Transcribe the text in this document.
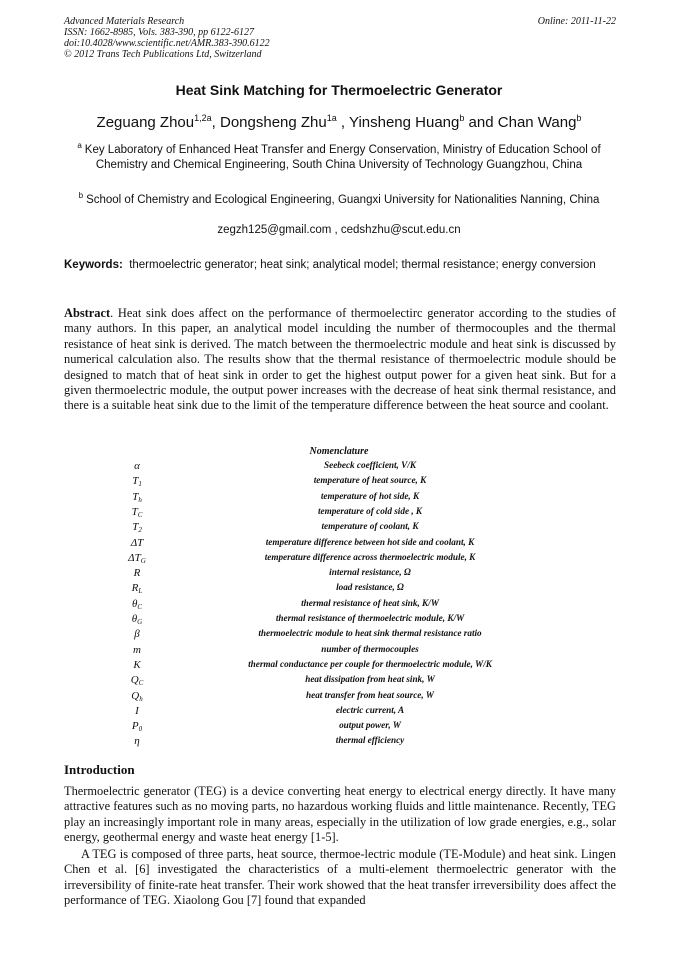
Advanced Materials Research
ISSN: 1662-8985, Vols. 383-390, pp 6122-6127
doi:10.4028/www.scientific.net/AMR.383-390.6122
© 2012 Trans Tech Publications Ltd, Switzerland
Online: 2011-11-22
Heat Sink Matching for Thermoelectric Generator
Zeguang Zhou$^{1,2a}$, Dongsheng Zhu$^{1a}$ , Yinsheng Huang$^b$ and Chan Wang$^b$
$^a$ Key Laboratory of Enhanced Heat Transfer and Energy Conservation, Ministry of Education School of Chemistry and Chemical Engineering, South China University of Technology Guangzhou, China
$^b$ School of Chemistry and Ecological Engineering, Guangxi University for Nationalities Nanning, China
zegzh125@gmail.com , cedshzhu@scut.edu.cn
Keywords: thermoelectric generator; heat sink; analytical model; thermal resistance; energy conversion
Abstract. Heat sink does affect on the performance of thermoelectirc generator according to the studies of many authors. In this paper, an analytical model inculding the number of thermocouples and the thermal resistance of heat sink is derived. The match between the thermoelectric module and heat sink is discussed by numerical calculation also. The results show that the thermal resistance of thermoelectric module should be designed to match that of heat sink in order to get the highest output power for a given heat sink. But for a given thermoelectric module, the output power increases with the decrease of heat sink thermal resistance, and there is a suitable heat sink due to the limit of the temperature difference between the heat source and coolant.
Nomenclature
α	Seebeck coefficient, V/K
$T_1$	temperature of heat source, K
$T_h$	temperature of hot side, K
$T_C$	temperature of cold side , K
$T_2$	temperature of coolant, K
ΔT	temperature difference between hot side and coolant, K
$\Delta T_G$	temperature difference across thermoelectric module, K
R	internal resistance, Ω
$R_L$	load resistance, Ω
$\theta_C$	thermal resistance of heat sink, K/W
$\theta_G$	thermal resistance of thermoelectric module, K/W
β	thermoelectric module to heat sink thermal resistance ratio
m	number of thermocouples
K	thermal conductance per couple for thermoelectric module, W/K
$Q_C$	heat dissipation from heat sink, W
$Q_h$	heat transfer from heat source, W
I	electric current, A
$P_0$	output power, W
η	thermal efficiency
Introduction
Thermoelectric generator (TEG) is a device converting heat energy to electrical energy directly. It have many attractive features such as no moving parts, no hazardous working fluids and little maintenance. Recently, TEG play an increasingly important role in many areas, especially in the utilization of low grade energies, e.g., solar energy, geothermal energy and waste heat energy [1-5].
A TEG is composed of three parts, heat source, thermoe-lectric module (TE-Module) and heat sink. Lingen Chen et al. [6] investigated the characteristics of a multi-element thermoelectric generator with the irreversibility of finite-rate heat transfer. Their work showed that the heat transfer irreversibility does affect the performance of TEG. Xiaolong Gou [7] found that expanded
